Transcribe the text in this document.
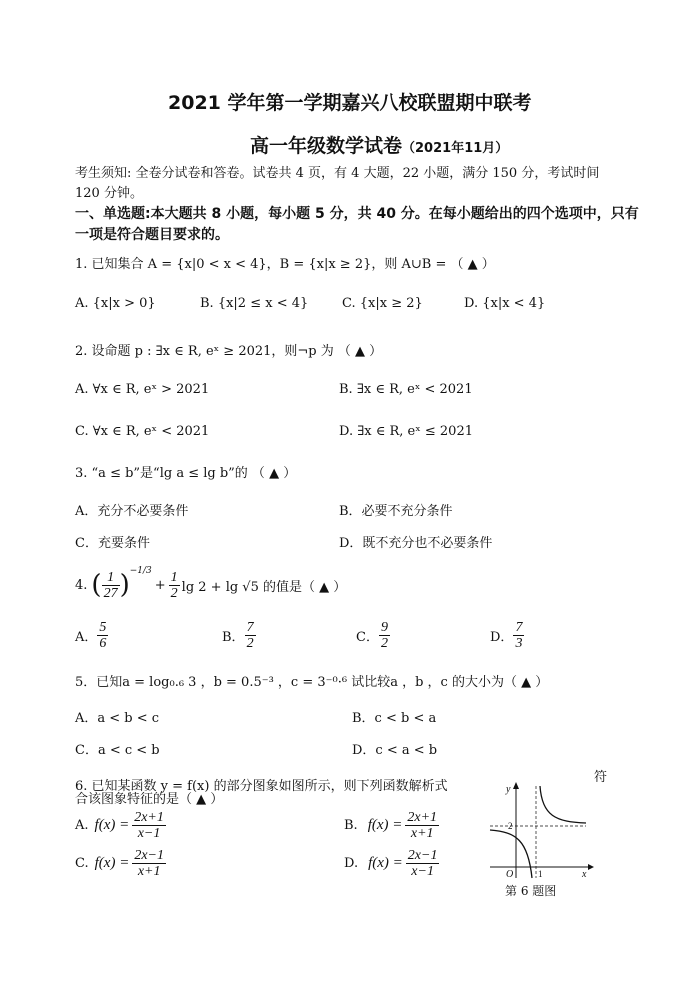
2021 学年第一学期嘉兴八校联盟期中联考
高一年级数学试卷（2021年11月）
考生须知: 全卷分试卷和答卷。试卷共 4 页，有 4 大题，22 小题，满分 150 分，考试时间
120 分钟。
一、单选题:本大题共 8 小题，每小题 5 分，共 40 分。在每小题给出的四个选项中，只有
一项是符合题目要求的。
1. 已知集合 A = {x|0 < x < 4}，B = {x|x ≥ 2}，则 A∪B = （ ▲ ）
A. {x|x > 0}	B. {x|2 ≤ x < 4}	C. {x|x ≥ 2}	D. {x|x < 4}
2. 设命题 p : ∃x ∈ R, eˣ ≥ 2021，则¬p 为 （ ▲ ）
A. ∀x ∈ R, eˣ > 2021	B. ∃x ∈ R, eˣ < 2021
C. ∀x ∈ R, eˣ < 2021	D. ∃x ∈ R, eˣ ≤ 2021
3. “a ≤ b”是“lg a ≤ lg b”的 （ ▲ ）
A．充分不必要条件	B．必要不充分条件
C．充要条件	D．既不充分也不必要条件
4. ( $\frac{1}{27}$ ) −1/3
+ $\frac{1}{2}$ lg 2 + lg √5 的值是（ ▲ ）
A． $\frac{5}{6}$	B． $\frac{7}{2}$	C． $\frac{9}{2}$	D． $\frac{7}{3}$
5．已知a = log₀.₆ 3 ，b = 0.5⁻³ ，c = 3⁻⁰·⁶ 试比较a ，b ，c 的大小为（ ▲ ）
A．a < b < c	B．c < b < a
C．a < c < b	D．c < a < b
6. 已知某函数 y = f(x) 的部分图象如图所示，则下列函数解析式
符
合该图象特征的是（ ▲ ）
A. $f(x) = \frac{2x+1}{x-1}$	B. $f(x) = \frac{2x+1}{x+1}$
C. $f(x) = \frac{2x-1}{x+1}$	D. $f(x) = \frac{2x-1}{x-1}$
y
x
O
2
1
第 6 题图
